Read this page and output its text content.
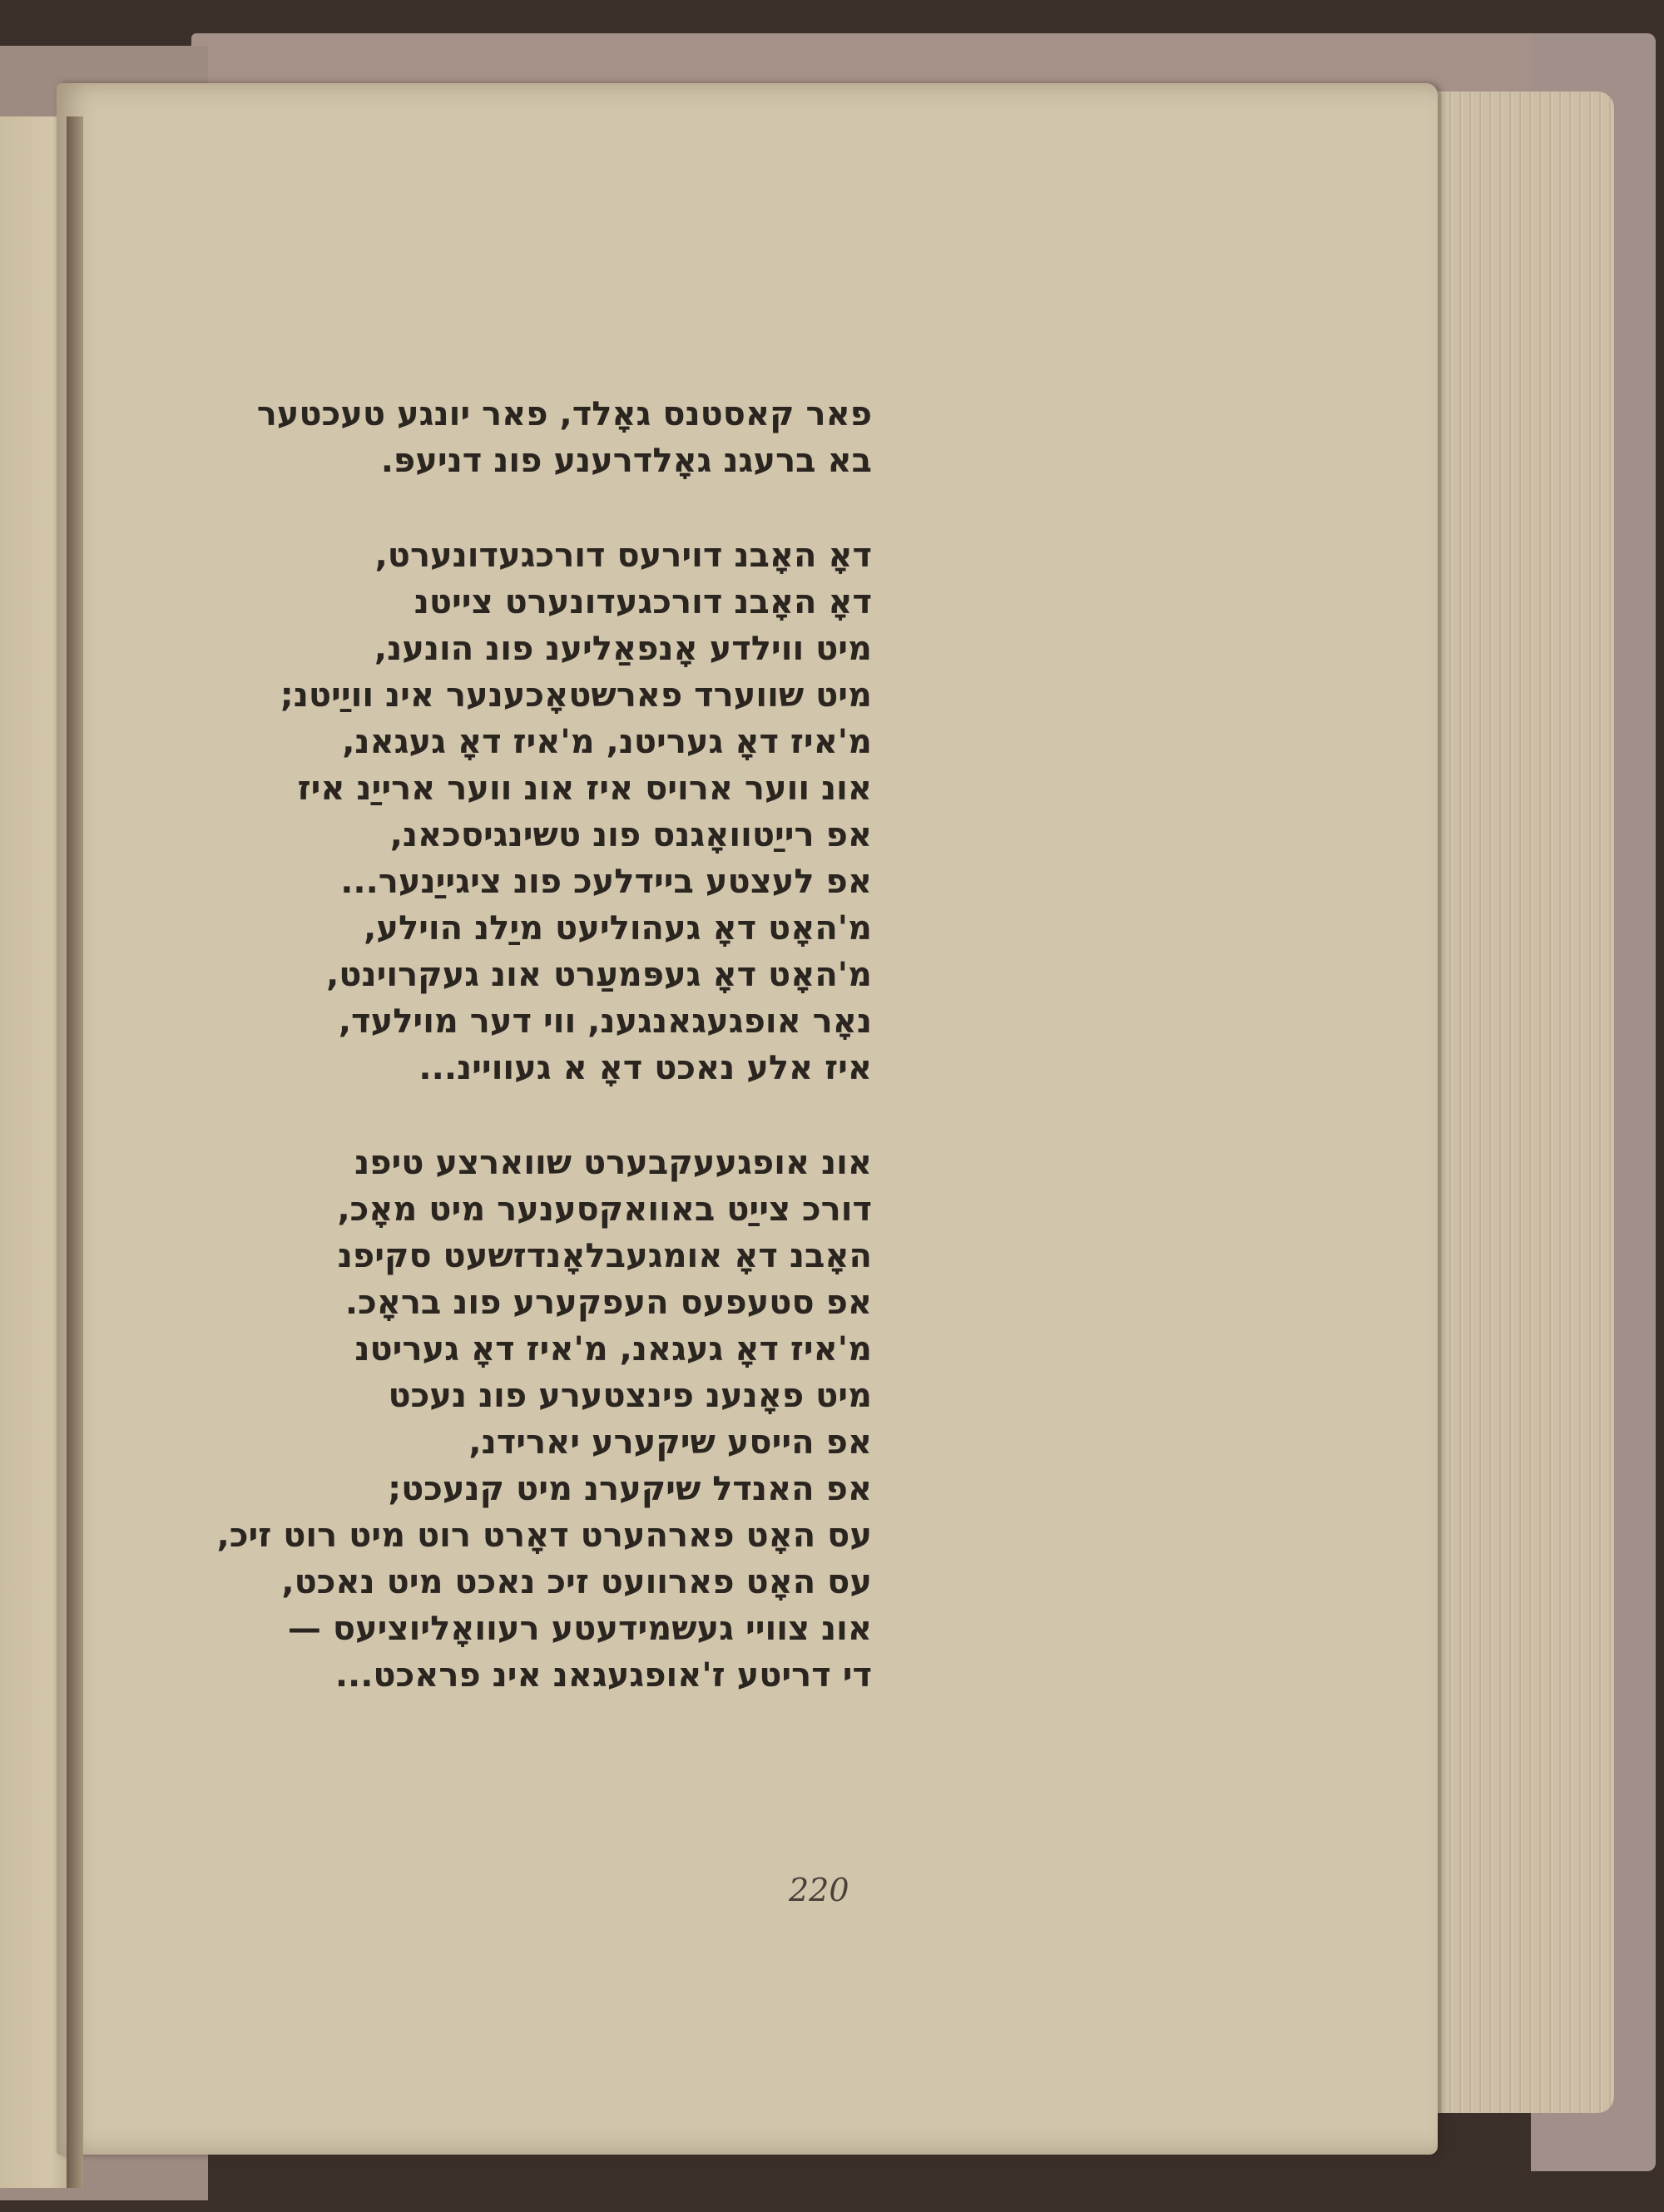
פאר קאסטנס גאָלד, פאר יונגע טעכטער
בא ברעגנ גאָלדרענע פונ דניעפּ.
דאָ האָבנ דוירעס דורכגעדונערט,
דאָ האָבנ דורכגעדונערט צייטנ
מיט ווילדע אָנפאַליענ פונ הונענ,
מיט שווערד פארשטאָכענער אינ וויַיטנ;
מ'איז דאָ געריטנ, מ'איז דאָ געגאנ,
אונ ווער ארויס איז אונ ווער ארייַנ איז
אפ רייַטוואָגנס פונ טשינגיסכאנ,
אפ לעצטע ביידלעכ פונ ציגייַנער...
מ'האָט דאָ געהוליעט מיַלנ הוילע,
מ'האָט דאָ געפּמעַרט אונ געקרוינט,
נאָר אופגעגאנגענ, ווי דער מוילעד,
איז אלע נאכט דאָ א געוויינ...
אונ אופגעעקבערט שווארצע טיפנ
דורכ צייַט באוואקסענער מיט מאָכ,
האָבנ דאָ אומגעבלאָנדזשעט סקיפנ
אפ סטעפעס העפקערע פונ בראָכ.
מ'איז דאָ געגאנ, מ'איז דאָ געריטנ
מיט פאָנענ פינצטערע פונ נעכט
אפ הייסע שיקערע יארידנ,
אפ האנדל שיקערנ מיט קנעכט;
עס האָט פארהערט דאָרט רוט מיט רוט זיכ,
עס האָט פארוועט זיכ נאכט מיט נאכט,
אונ צוויי געשמידעטע רעוואָליוציעס —
די דריטע ז'אופגעגאנ אינ פראכט...
220
